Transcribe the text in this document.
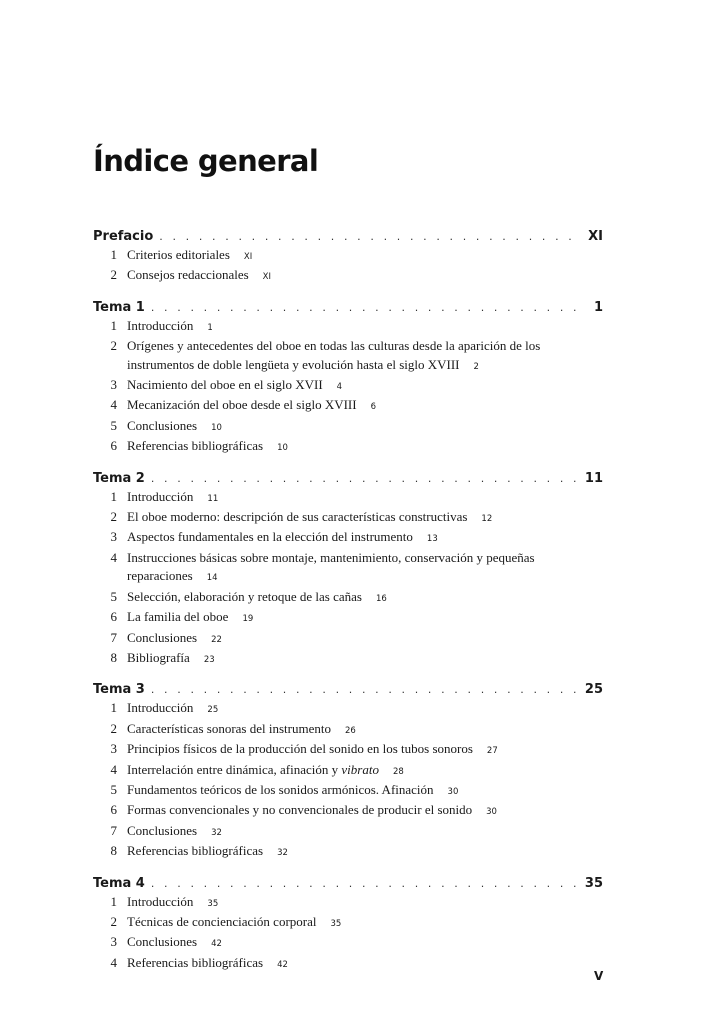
Índice general
Prefacio . . .	XI
1 Criterios editoriales XI
2 Consejos redaccionales XI
Tema 1 . . .	1
1 Introducción 1
2 Orígenes y antecedentes del oboe en todas las culturas desde la aparición de los instrumentos de doble lengüeta y evolución hasta el siglo XVIII 2
3 Nacimiento del oboe en el siglo XVII 4
4 Mecanización del oboe desde el siglo XVIII 6
5 Conclusiones 10
6 Referencias bibliográficas 10
Tema 2 . . .	11
1 Introducción 11
2 El oboe moderno: descripción de sus características constructivas 12
3 Aspectos fundamentales en la elección del instrumento 13
4 Instrucciones básicas sobre montaje, mantenimiento, conservación y pequeñas reparaciones 14
5 Selección, elaboración y retoque de las cañas 16
6 La familia del oboe 19
7 Conclusiones 22
8 Bibliografía 23
Tema 3 . . .	25
1 Introducción 25
2 Características sonoras del instrumento 26
3 Principios físicos de la producción del sonido en los tubos sonoros 27
4 Interrelación entre dinámica, afinación y vibrato 28
5 Fundamentos teóricos de los sonidos armónicos. Afinación 30
6 Formas convencionales y no convencionales de producir el sonido 30
7 Conclusiones 32
8 Referencias bibliográficas 32
Tema 4 . . .	35
1 Introducción 35
2 Técnicas de concienciación corporal 35
3 Conclusiones 42
4 Referencias bibliográficas 42
V
